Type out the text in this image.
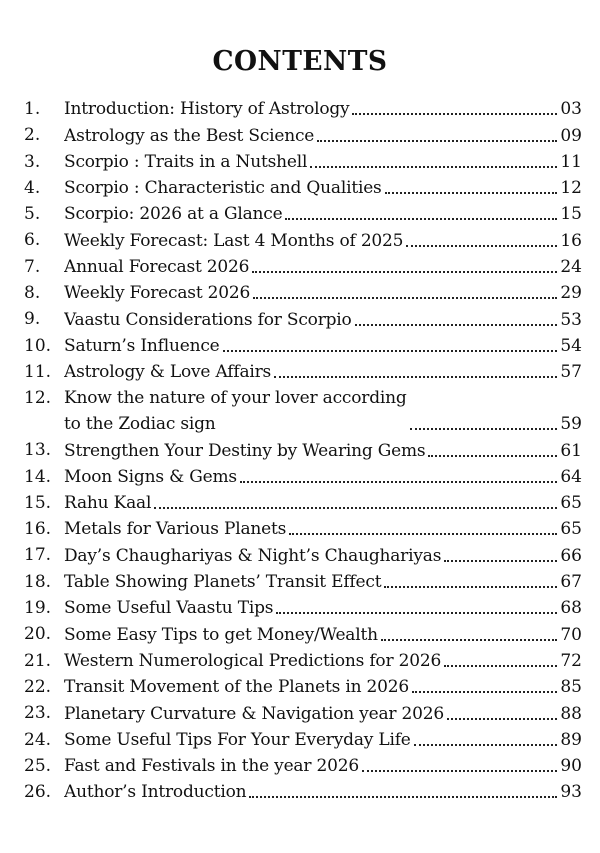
CONTENTS
1.	Introduction: History of Astrology	03
2.	Astrology as the Best Science	09
3.	Scorpio : Traits in a Nutshell	11
4.	Scorpio : Characteristic and Qualities	12
5.	Scorpio: 2026 at a Glance	15
6.	Weekly Forecast: Last 4 Months of 2025	16
7.	Annual Forecast 2026	24
8.	Weekly Forecast 2026	29
9.	Vaastu Considerations for Scorpio	53
10. Saturn’s Influence	54
11. Astrology & Love Affairs	57
12. Know the nature of your lover according
to the Zodiac sign	59
13. Strengthen Your Destiny by Wearing Gems	61
14. Moon Signs & Gems	64
15. Rahu Kaal	65
16. Metals for Various Planets	65
17. Day’s Chaughariyas & Night’s Chaughariyas	66
18. Table Showing Planets’ Transit Effect	67
19. Some Useful Vaastu Tips	68
20. Some Easy Tips to get Money/Wealth	70
21. Western Numerological Predictions for 2026	72
22. Transit Movement of the Planets in 2026	85
23. Planetary Curvature & Navigation year 2026	88
24. Some Useful Tips For Your Everyday Life	89
25. Fast and Festivals in the year 2026	90
26. Author’s Introduction	93
